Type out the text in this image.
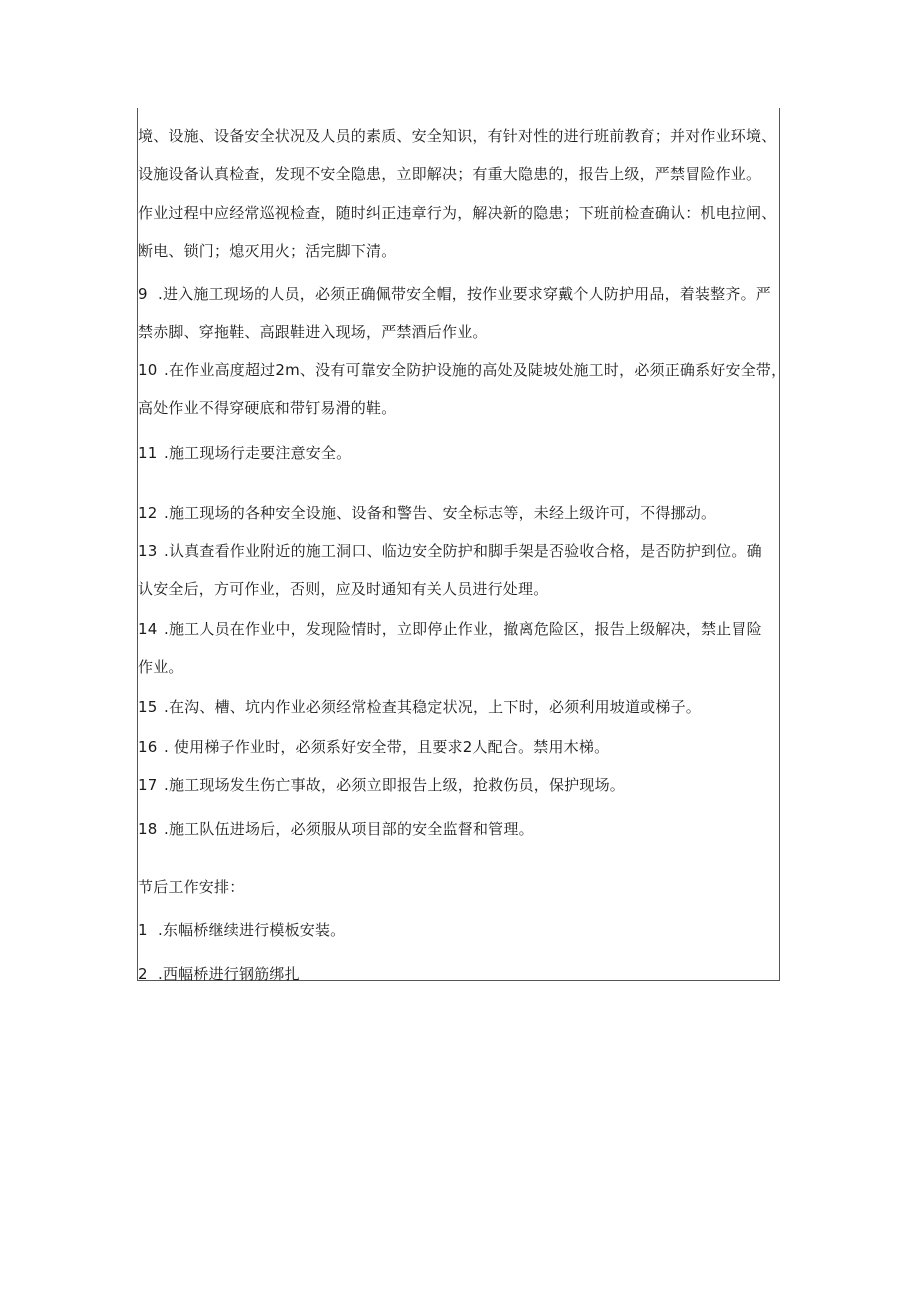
境、设施、设备安全状况及人员的素质、安全知识，有针对性的进行班前教育；并对作业环境、
设施设备认真检查，发现不安全隐患，立即解决；有重大隐患的，报告上级，严禁冒险作业。
作业过程中应经常巡视检查，随时纠正违章行为，解决新的隐患；下班前检查确认：机电拉闸、
断电、锁门；熄灭用火；活完脚下清。
9 .进入施工现场的人员，必须正确佩带安全帽，按作业要求穿戴个人防护用品，着装整齐。严
禁赤脚、穿拖鞋、高跟鞋进入现场，严禁酒后作业。
10 .在作业高度超过2m、没有可靠安全防护设施的高处及陡坡处施工时，必须正确系好安全带，
高处作业不得穿硬底和带钉易滑的鞋。
11 .施工现场行走要注意安全。
12 .施工现场的各种安全设施、设备和警告、安全标志等，未经上级许可，不得挪动。
13 .认真查看作业附近的施工洞口、临边安全防护和脚手架是否验收合格，是否防护到位。确
认安全后，方可作业，否则，应及时通知有关人员进行处理。
14 .施工人员在作业中，发现险情时，立即停止作业，撤离危险区，报告上级解决，禁止冒险
作业。
15 .在沟、槽、坑内作业必须经常检查其稳定状况，上下时，必须利用坡道或梯子。
16 . 使用梯子作业时，必须系好安全带，且要求2人配合。禁用木梯。
17 .施工现场发生伤亡事故，必须立即报告上级，抢救伤员，保护现场。
18 .施工队伍进场后，必须服从项目部的安全监督和管理。
节后工作安排：
1 .东幅桥继续进行模板安装。
2 .西幅桥进行钢筋绑扎
